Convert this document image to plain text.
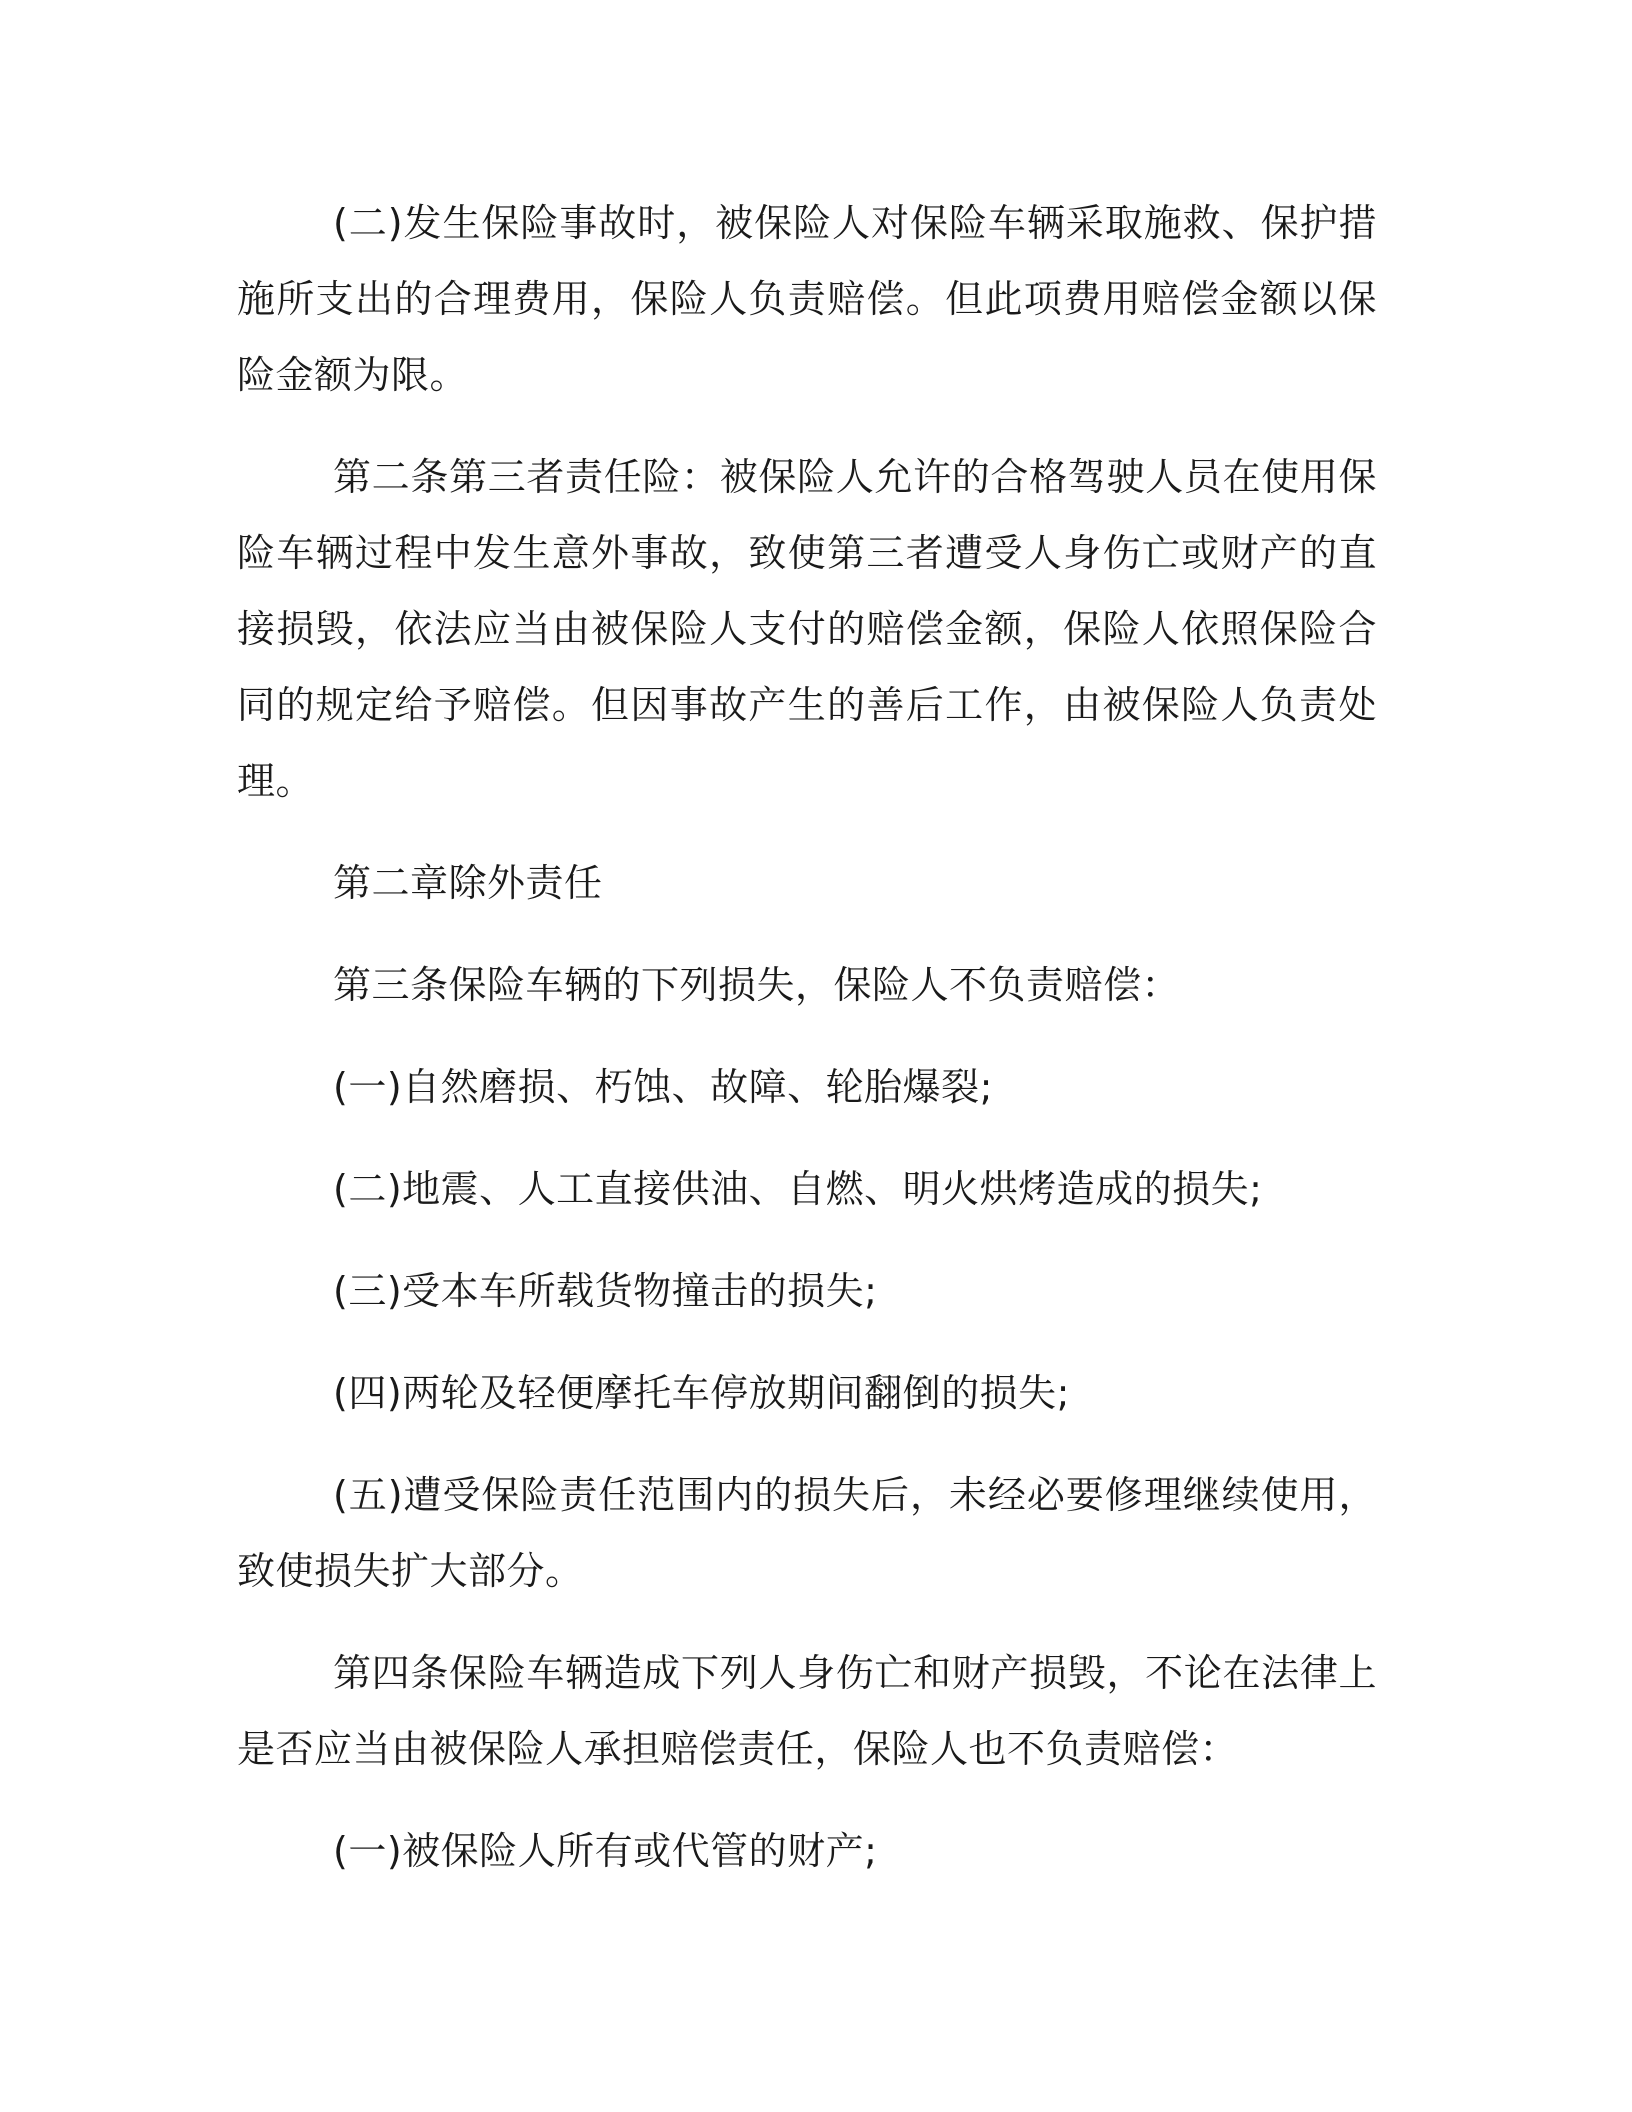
(二)发生保险事故时，被保险人对保险车辆采取施救、保护措施所支出的合理费用，保险人负责赔偿。但此项费用赔偿金额以保险金额为限。

第二条第三者责任险：被保险人允许的合格驾驶人员在使用保险车辆过程中发生意外事故，致使第三者遭受人身伤亡或财产的直接损毁，依法应当由被保险人支付的赔偿金额，保险人依照保险合同的规定给予赔偿。但因事故产生的善后工作，由被保险人负责处理。

第二章除外责任

第三条保险车辆的下列损失，保险人不负责赔偿：

(一)自然磨损、朽蚀、故障、轮胎爆裂;

(二)地震、人工直接供油、自燃、明火烘烤造成的损失;

(三)受本车所载货物撞击的损失;

(四)两轮及轻便摩托车停放期间翻倒的损失;

(五)遭受保险责任范围内的损失后，未经必要修理继续使用，致使损失扩大部分。

第四条保险车辆造成下列人身伤亡和财产损毁，不论在法律上是否应当由被保险人承担赔偿责任，保险人也不负责赔偿：

(一)被保险人所有或代管的财产;
